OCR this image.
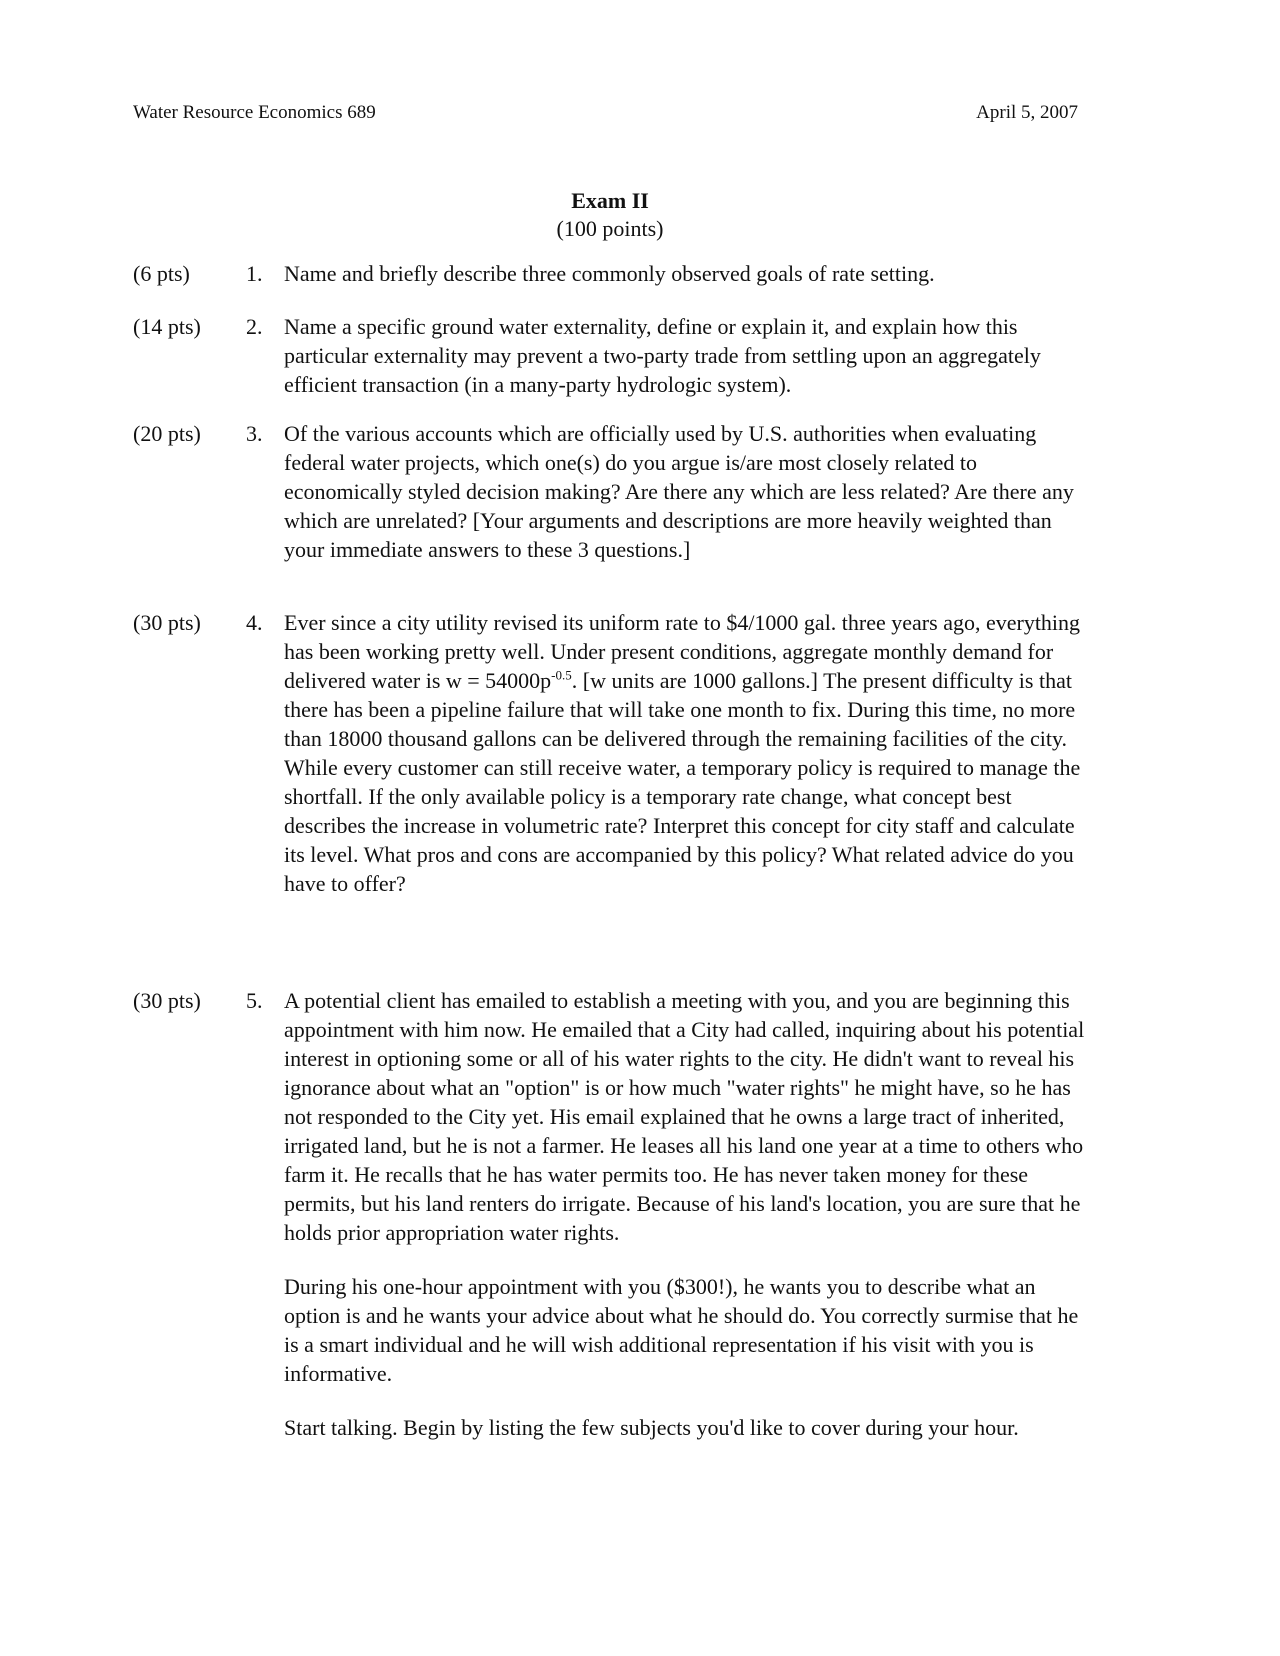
Water Resource Economics 689	April 5, 2007
Exam II
(100 points)
(6 pts)	1. Name and briefly describe three commonly observed goals of rate setting.
(14 pts) 2. Name a specific ground water externality, define or explain it, and explain how this particular externality may prevent a two-party trade from settling upon an aggregately efficient transaction (in a many-party hydrologic system).
(20 pts) 3. Of the various accounts which are officially used by U.S. authorities when evaluating federal water projects, which one(s) do you argue is/are most closely related to economically styled decision making? Are there any which are less related? Are there any which are unrelated? [Your arguments and descriptions are more heavily weighted than your immediate answers to these 3 questions.]
(30 pts) 4. Ever since a city utility revised its uniform rate to $4/1000 gal. three years ago, everything has been working pretty well. Under present conditions, aggregate monthly demand for delivered water is $w = 54000p^{-0.5}$. [w units are 1000 gallons.] The present difficulty is that there has been a pipeline failure that will take one month to fix. During this time, no more than 18000 thousand gallons can be delivered through the remaining facilities of the city. While every customer can still receive water, a temporary policy is required to manage the shortfall. If the only available policy is a temporary rate change, what concept best describes the increase in volumetric rate? Interpret this concept for city staff and calculate its level. What pros and cons are accompanied by this policy? What related advice do you have to offer?
(30 pts) 5. A potential client has emailed to establish a meeting with you, and you are beginning this appointment with him now. He emailed that a City had called, inquiring about his potential interest in optioning some or all of his water rights to the city. He didn't want to reveal his ignorance about what an "option" is or how much "water rights" he might have, so he has not responded to the City yet. His email explained that he owns a large tract of inherited, irrigated land, but he is not a farmer. He leases all his land one year at a time to others who farm it. He recalls that he has water permits too. He has never taken money for these permits, but his land renters do irrigate. Because of his land's location, you are sure that he holds prior appropriation water rights.

During his one-hour appointment with you ($300!), he wants you to describe what an option is and he wants your advice about what he should do. You correctly surmise that he is a smart individual and he will wish additional representation if his visit with you is informative.

Start talking. Begin by listing the few subjects you'd like to cover during your hour.
